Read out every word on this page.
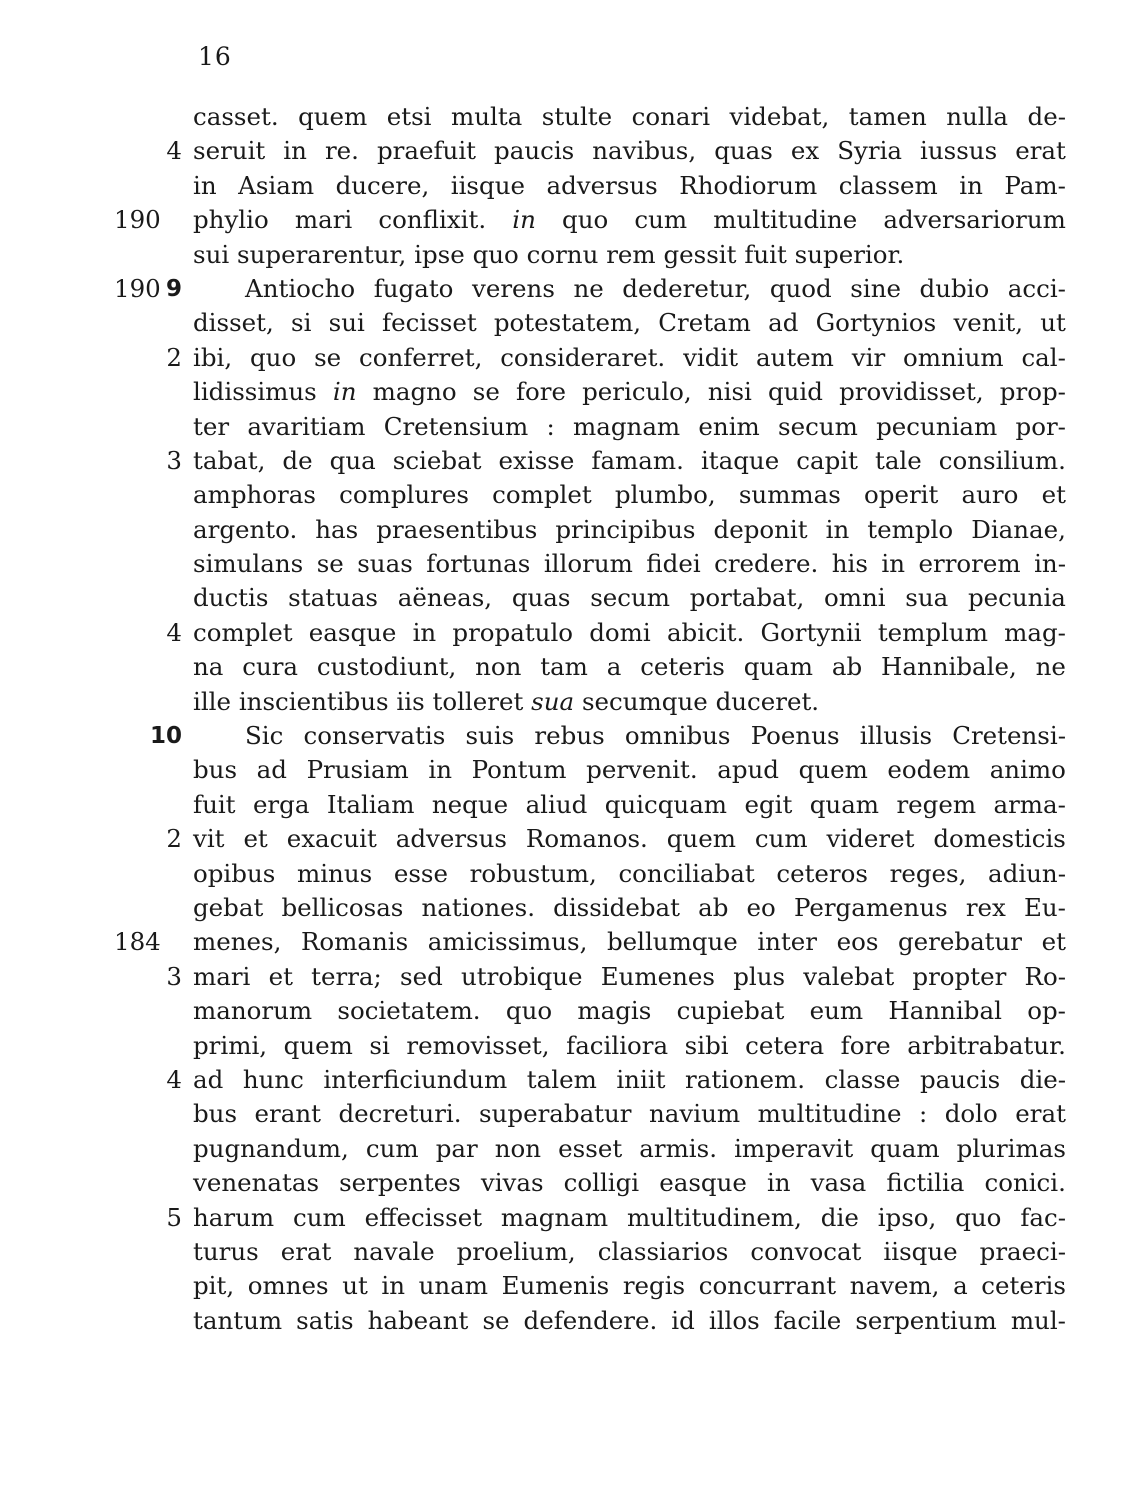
16
casset. quem etsi multa stulte conari videbat, tamen nulla de-
4 seruit in re. praefuit paucis navibus, quas ex Syria iussus erat
in Asiam ducere, iisque adversus Rhodiorum classem in Pam-
190 phylio mari conflixit. in quo cum multitudine adversariorum
sui superarentur, ipse quo cornu rem gessit fuit superior.
190 9	Antiocho fugato verens ne dederetur, quod sine dubio acci-
disset, si sui fecisset potestatem, Cretam ad Gortynios venit, ut
2 ibi, quo se conferret, consideraret. vidit autem vir omnium cal-
lidissimus in magno se fore periculo, nisi quid providisset, prop-
ter avaritiam Cretensium : magnam enim secum pecuniam por-
3 tabat, de qua sciebat exisse famam. itaque capit tale consilium.
amphoras complures complet plumbo, summas operit auro et
argento. has praesentibus principibus deponit in templo Dianae,
simulans se suas fortunas illorum fidei credere. his in errorem in-
ductis statuas aëneas, quas secum portabat, omni sua pecunia
4 complet easque in propatulo domi abicit. Gortynii templum mag-
na cura custodiunt, non tam a ceteris quam ab Hannibale, ne
ille inscientibus iis tolleret sua secumque duceret.
10	Sic conservatis suis rebus omnibus Poenus illusis Cretensi-
bus ad Prusiam in Pontum pervenit. apud quem eodem animo
fuit erga Italiam neque aliud quicquam egit quam regem arma-
2 vit et exacuit adversus Romanos. quem cum videret domesticis
opibus minus esse robustum, conciliabat ceteros reges, adiun-
gebat bellicosas nationes. dissidebat ab eo Pergamenus rex Eu-
184 menes, Romanis amicissimus, bellumque inter eos gerebatur et
3 mari et terra; sed utrobique Eumenes plus valebat propter Ro-
manorum societatem. quo magis cupiebat eum Hannibal op-
primi, quem si removisset, faciliora sibi cetera fore arbitrabatur.
4 ad hunc interficiundum talem iniit rationem. classe paucis die-
bus erant decreturi. superabatur navium multitudine : dolo erat
pugnandum, cum par non esset armis. imperavit quam plurimas
venenatas serpentes vivas colligi easque in vasa fictilia conici.
5 harum cum effecisset magnam multitudinem, die ipso, quo fac-
turus erat navale proelium, classiarios convocat iisque praeci-
pit, omnes ut in unam Eumenis regis concurrant navem, a ceteris
tantum satis habeant se defendere. id illos facile serpentium mul-
